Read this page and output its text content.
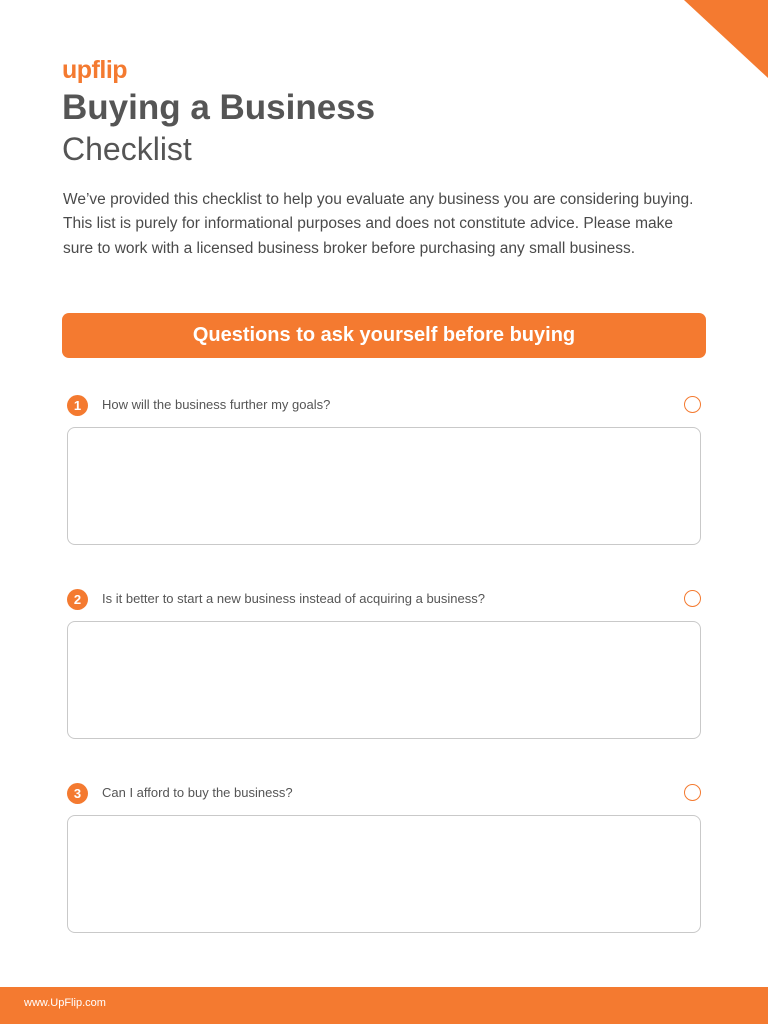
upflip
Buying a Business
Checklist

We’ve provided this checklist to help you evaluate any business you are considering buying. This list is purely for informational purposes and does not constitute advice. Please make sure to work with a licensed business broker before purchasing any small business.

Questions to ask yourself before buying
1	How will the business further my goals?
2	Is it better to start a new business instead of acquiring a business?
3	Can I afford to buy the business?
www.UpFlip.com
